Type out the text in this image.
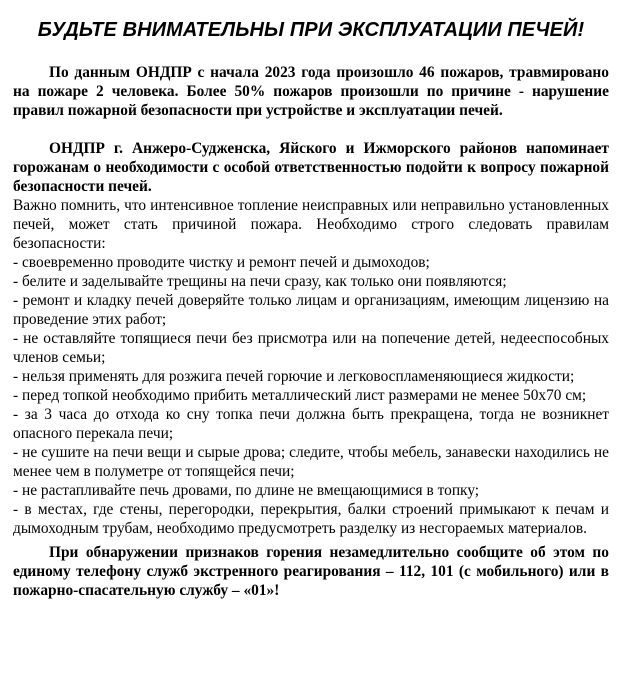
БУДЬТЕ ВНИМАТЕЛЬНЫ ПРИ ЭКСПЛУАТАЦИИ ПЕЧЕЙ!

По данным ОНДПР с начала 2023 года произошло 46 пожаров, травмировано на пожаре 2 человека. Более 50% пожаров произошли по причине - нарушение правил пожарной безопасности при устройстве и эксплуатации печей.

ОНДПР г. Анжеро-Судженска, Яйского и Ижморского районов напоминает горожанам о необходимости с особой ответственностью подойти к вопросу пожарной безопасности печей.

Важно помнить, что интенсивное топление неисправных или неправильно установленных печей, может стать причиной пожара. Необходимо строго следовать правилам безопасности:

- своевременно проводите чистку и ремонт печей и дымоходов;
- белите и заделывайте трещины на печи сразу, как только они появляются;
- ремонт и кладку печей доверяйте только лицам и организациям, имеющим лицензию на проведение этих работ;
- не оставляйте топящиеся печи без присмотра или на попечение детей, недееспособных членов семьи;
- нельзя применять для розжига печей горючие и легковоспламеняющиеся жидкости;
- перед топкой необходимо прибить металлический лист размерами не менее 50х70 см;
- за 3 часа до отхода ко сну топка печи должна быть прекращена, тогда не возникнет опасного перекала печи;
- не сушите на печи вещи и сырые дрова; следите, чтобы мебель, занавески находились не менее чем в полуметре от топящейся печи;
- не растапливайте печь дровами, по длине не вмещающимися в топку;
- в местах, где стены, перегородки, перекрытия, балки строений примыкают к печам и дымоходным трубам, необходимо предусмотреть разделку из несгораемых материалов.

При обнаружении признаков горения незамедлительно сообщите об этом по единому телефону служб экстренного реагирования – 112, 101 (с мобильного) или в пожарно-спасательную службу – «01»!
